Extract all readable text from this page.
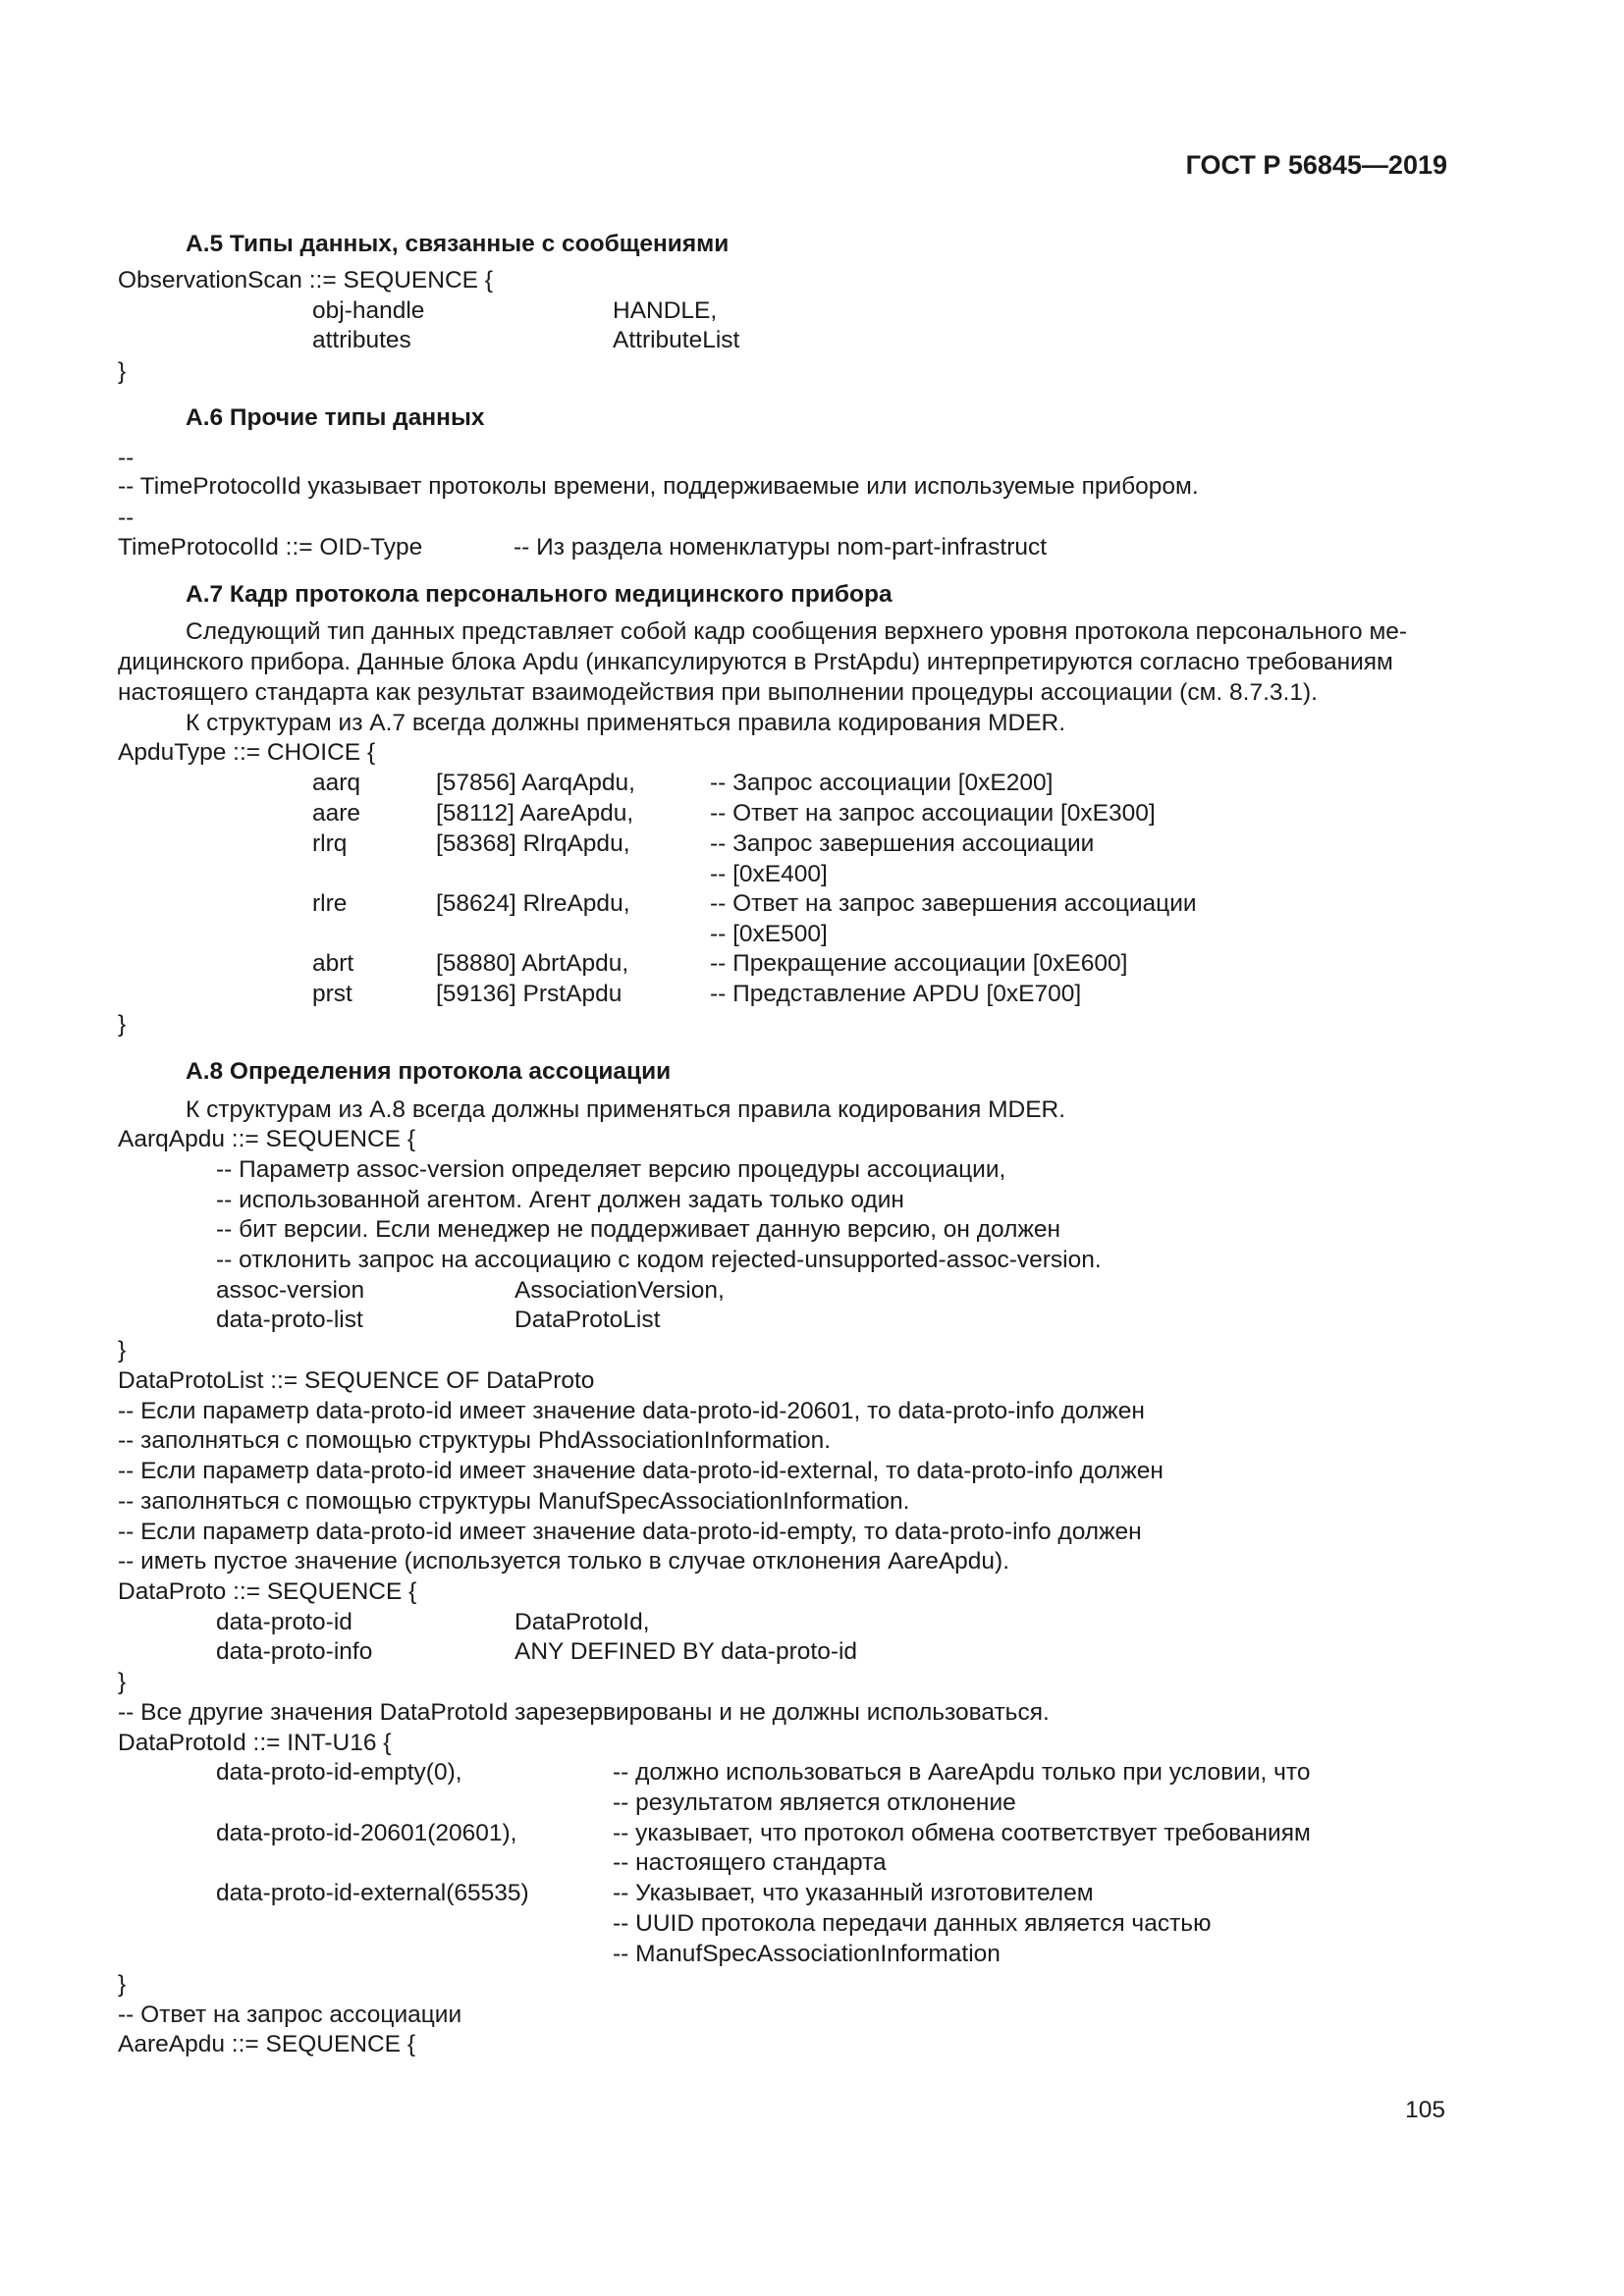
ГОСТ Р 56845—2019
105
А.5 Типы данных, связанные с сообщениями
ObservationScan ::= SEQUENCE {
obj-handle	HANDLE,
attributes	AttributeList
}
А.6 Прочие типы данных
--
-- TimeProtocolId указывает протоколы времени, поддерживаемые или используемые прибором.
--
TimeProtocolId ::= OID-Type	-- Из раздела номенклатуры nom-part-infrastruct
А.7 Кадр протокола персонального медицинского прибора
Следующий тип данных представляет собой кадр сообщения верхнего уровня протокола персонального ме-
дицинского прибора. Данные блока Apdu (инкапсулируются в PrstApdu) интерпретируются согласно требованиям
настоящего стандарта как результат взаимодействия при выполнении процедуры ассоциации (см. 8.7.3.1).
К структурам из А.7 всегда должны применяться правила кодирования MDER.
ApduType ::= CHOICE {
aarq	[57856] AarqApdu,	-- Запрос ассоциации [0xE200]
aare	[58112] AareApdu,	-- Ответ на запрос ассоциации [0xE300]
rlrq	[58368] RlrqApdu,	-- Запрос завершения ассоциации
-- [0xE400]
rlre	[58624] RlreApdu,	-- Ответ на запрос завершения ассоциации
-- [0xE500]
abrt	[58880] AbrtApdu,	-- Прекращение ассоциации [0xE600]
prst	[59136] PrstApdu	-- Представление APDU [0xE700]
}
А.8 Определения протокола ассоциации
К структурам из А.8 всегда должны применяться правила кодирования MDER.
AarqApdu ::= SEQUENCE {
-- Параметр assoc-version определяет версию процедуры ассоциации,
-- использованной агентом. Агент должен задать только один
-- бит версии. Если менеджер не поддерживает данную версию, он должен
-- отклонить запрос на ассоциацию с кодом rejected-unsupported-assoc-version.
assoc-version	AssociationVersion,
data-proto-list	DataProtoList
}
DataProtoList ::= SEQUENCE OF DataProto
-- Если параметр data-proto-id имеет значение data-proto-id-20601, то data-proto-info должен
-- заполняться с помощью структуры PhdAssociationInformation.
-- Если параметр data-proto-id имеет значение data-proto-id-external, то data-proto-info должен
-- заполняться с помощью структуры ManufSpecAssociationInformation.
-- Если параметр data-proto-id имеет значение data-proto-id-empty, то data-proto-info должен
-- иметь пустое значение (используется только в случае отклонения AareApdu).
DataProto ::= SEQUENCE {
data-proto-id	DataProtoId,
data-proto-info	ANY DEFINED BY data-proto-id
}
-- Все другие значения DataProtoId зарезервированы и не должны использоваться.
DataProtoId ::= INT-U16 {
data-proto-id-empty(0),	-- должно использоваться в AareApdu только при условии, что
-- результатом является отклонение
data-proto-id-20601(20601),	-- указывает, что протокол обмена соответствует требованиям
-- настоящего стандарта
data-proto-id-external(65535)	-- Указывает, что указанный изготовителем
-- UUID протокола передачи данных является частью
-- ManufSpecAssociationInformation
}
-- Ответ на запрос ассоциации
AareApdu ::= SEQUENCE {
